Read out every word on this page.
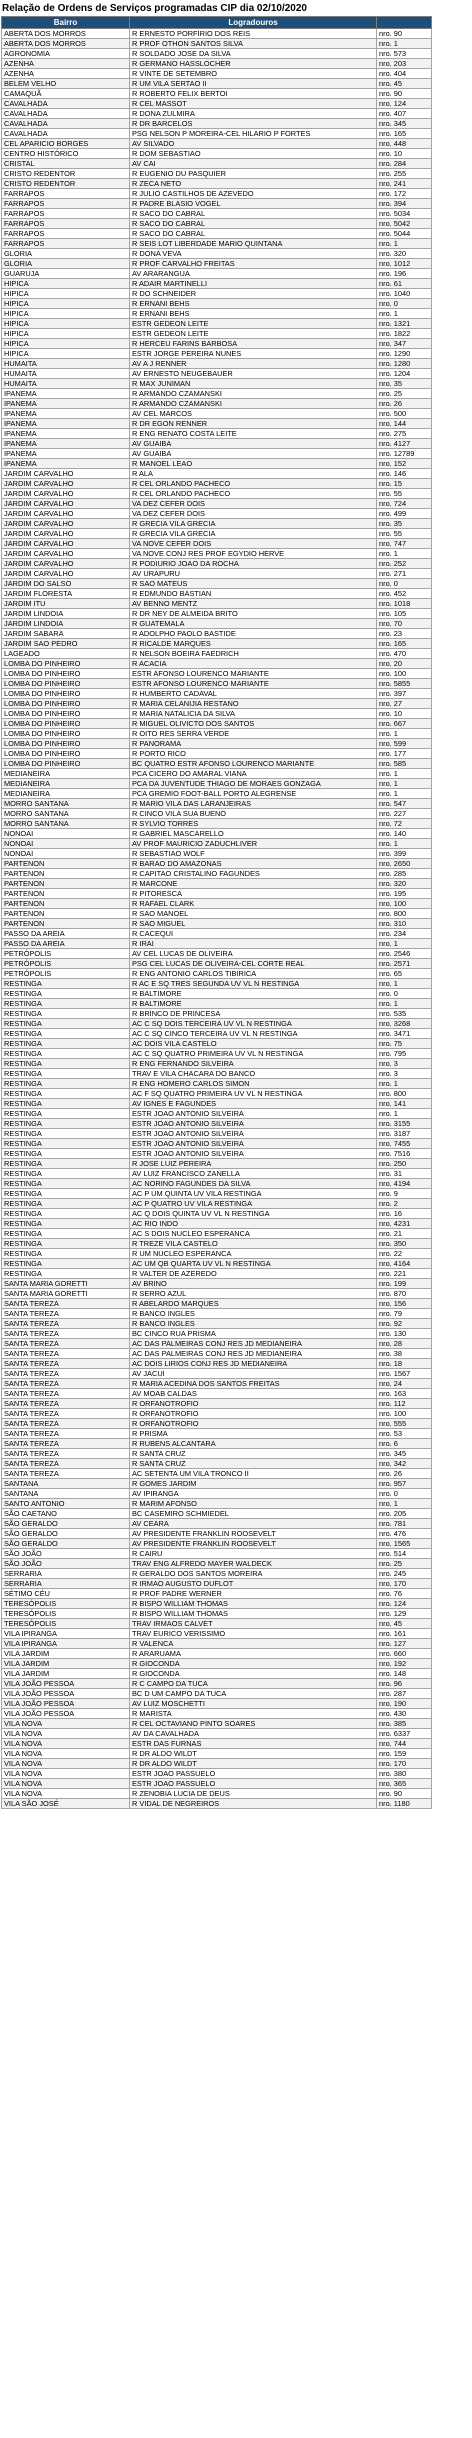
Relação de Ordens de Serviços programadas CIP dia 02/10/2020
Bairro	Logradouros	
ABERTA DOS MORROS	R ERNESTO PORFIRIO DOS REIS	nro. 90
ABERTA DOS MORROS	R PROF OTHON SANTOS SILVA	nro. 1
AGRONOMIA	R SOLDADO JOSE DA SILVA	nro. 573
AZENHA	R GERMANO HASSLOCHER	nro. 203
AZENHA	R VINTE DE SETEMBRO	nro. 404
BELEM VELHO	R UM VILA SERTAO II	nro. 45
CAMAQUÃ	R ROBERTO FELIX BERTOI	nro. 90
CAVALHADA	R CEL MASSOT	nro. 124
CAVALHADA	R DONA ZULMIRA	nro. 407
CAVALHADA	R DR BARCELOS	nro. 345
CAVALHADA	PSG NELSON P MOREIRA-CEL HILARIO P FORTES	nro. 165
CEL APARICIO BORGES	AV SILVADO	nro. 448
CENTRO HISTÓRICO	R DOM SEBASTIAO	nro. 10
CRISTAL	AV CAI	nro. 284
CRISTO REDENTOR	R EUGENIO DU PASQUIER	nro. 255
CRISTO REDENTOR	R ZECA NETO	nro. 241
FARRAPOS	R JULIO CASTILHOS DE AZEVEDO	nro. 172
FARRAPOS	R PADRE BLASIO VOGEL	nro. 394
FARRAPOS	R SACO DO CABRAL	nro. 5034
FARRAPOS	R SACO DO CABRAL	nro. 5042
FARRAPOS	R SACO DO CABRAL	nro. 5044
FARRAPOS	R SEIS LOT LIBERDADE MARIO QUINTANA	nro. 1
GLORIA	R DONA VEVA	nro. 320
GLORIA	R PROF CARVALHO FREITAS	nro. 1012
GUARUJA	AV ARARANGUA	nro. 196
HIPICA	R ADAIR MARTINELLI	nro. 61
HIPICA	R DO SCHNEIDER	nro. 1040
HIPICA	R ERNANI BEHS	nro. 0
HIPICA	R ERNANI BEHS	nro. 1
HIPICA	ESTR GEDEON LEITE	nro. 1321
HIPICA	ESTR GEDEON LEITE	nro. 1822
HIPICA	R HERCEU FARINS BARBOSA	nro. 347
HIPICA	ESTR JORGE PEREIRA NUNES	nro. 1290
HUMAITA	AV A J RENNER	nro. 1280
HUMAITA	AV ERNESTO NEUGEBAUER	nro. 1204
HUMAITA	R MAX JUNIMAN	nro. 35
IPANEMA	R ARMANDO CZAMANSKI	nro. 25
IPANEMA	R ARMANDO CZAMANSKI	nro. 26
IPANEMA	AV CEL MARCOS	nro. 500
IPANEMA	R DR EGON RENNER	nro. 144
IPANEMA	R ENG RENATO COSTA LEITE	nro. 275
IPANEMA	AV GUAIBA	nro. 4127
IPANEMA	AV GUAIBA	nro. 12789
IPANEMA	R MANOEL LEAO	nro. 152
JARDIM CARVALHO	R ALA	nro. 146
JARDIM CARVALHO	R CEL ORLANDO PACHECO	nro. 15
JARDIM CARVALHO	R CEL ORLANDO PACHECO	nro. 55
JARDIM CARVALHO	VA DEZ CEFER DOIS	nro. 724
JARDIM CARVALHO	VA DEZ CEFER DOIS	nro. 499
JARDIM CARVALHO	R GRECIA VILA GRECIA	nro. 35
JARDIM CARVALHO	R GRECIA VILA GRECIA	nro. 55
JARDIM CARVALHO	VA NOVE CEFER DOIS	nro. 747
JARDIM CARVALHO	VA NOVE CONJ RES PROF EGYDIO HERVE	nro. 1
JARDIM CARVALHO	R PODIURIO JOAO DA ROCHA	nro. 252
JARDIM CARVALHO	AV URAPURU	nro. 271
JARDIM DO SALSO	R SAO MATEUS	nro. 0
JARDIM FLORESTA	R EDMUNDO BASTIAN	nro. 452
JARDIM ITU	AV BENNO MENTZ	nro. 1018
JARDIM LINDOIA	R DR NEY DE ALMEIDA BRITO	nro. 105
JARDIM LINDOIA	R GUATEMALA	nro. 70
JARDIM SABARA	R ADOLPHO PAOLO BASTIDE	nro. 23
JARDIM SAO PEDRO	R RICALDE MARQUES	nro. 165
LAGEADO	R NELSON BOEIRA FAEDRICH	nro. 470
LOMBA DO PINHEIRO	R ACACIA	nro. 20
LOMBA DO PINHEIRO	ESTR AFONSO LOURENCO MARIANTE	nro. 100
LOMBA DO PINHEIRO	ESTR AFONSO LOURENCO MARIANTE	nro. 5855
LOMBA DO PINHEIRO	R HUMBERTO CADAVAL	nro. 397
LOMBA DO PINHEIRO	R MARIA CELANIJIA RESTANO	nro. 27
LOMBA DO PINHEIRO	R MARIA NATALICIA DA SILVA	nro. 10
LOMBA DO PINHEIRO	R MIGUEL OLIVICTO DOS SANTOS	nro. 667
LOMBA DO PINHEIRO	R OITO RES SERRA VERDE	nro. 1
LOMBA DO PINHEIRO	R PANORAMA	nro. 599
LOMBA DO PINHEIRO	R PORTO RICO	nro. 177
LOMBA DO PINHEIRO	BC QUATRO ESTR AFONSO LOURENCO MARIANTE	nro. 585
MEDIANEIRA	PCA CICERO DO AMARAL VIANA	nro. 1
MEDIANEIRA	PCA DA JUVENTUDE THIAGO DE MORAES GONZAGA	nro. 1
MEDIANEIRA	PCA GREMIO FOOT-BALL PORTO ALEGRENSE	nro. 1
MORRO SANTANA	R MARIO VILA DAS LARANJEIRAS	nro. 547
MORRO SANTANA	R CINCO VILA SUA BUENO	nro. 227
MORRO SANTANA	R SYLVIO TORRES	nro. 72
NONOAI	R GABRIEL MASCARELLO	nro. 140
NONOAI	AV PROF MAURICIO ZADUCHLIVER	nro. 1
NONOAI	R SEBASTIAO WOLF	nro. 399
PARTENON	R BARAO DO AMAZONAS	nro. 2650
PARTENON	R CAPITAO CRISTALINO FAGUNDES	nro. 285
PARTENON	R MARCONE	nro. 320
PARTENON	R PITORESCA	nro. 195
PARTENON	R RAFAEL CLARK	nro. 100
PARTENON	R SAO MANOEL	nro. 800
PARTENON	R SAO MIGUEL	nro. 310
PASSO DA AREIA	R CACEQUI	nro. 234
PASSO DA AREIA	R IRAI	nro. 1
PETRÓPOLIS	AV CEL LUCAS DE OLIVEIRA	nro. 2546
PETRÓPOLIS	PSG CEL LUCAS DE OLIVEIRA-CEL CORTE REAL	nro. 2571
PETRÓPOLIS	R ENG ANTONIO CARLOS TIBIRICA	nro. 65
RESTINGA	R AC E SQ TRES SEGUNDA UV VL N RESTINGA	nro. 1
RESTINGA	R BALTIMORE	nro. 0
RESTINGA	R BALTIMORE	nro. 1
RESTINGA	R BRINCO DE PRINCESA	nro. 535
RESTINGA	AC C SQ DOIS TERCEIRA UV VL N RESTINGA	nro. 3268
RESTINGA	AC C SQ CINCO TERCEIRA UV VL N RESTINGA	nro. 3471
RESTINGA	AC DOIS VILA CASTELO	nro. 75
RESTINGA	AC C SQ QUATRO PRIMEIRA UV VL N RESTINGA	nro. 795
RESTINGA	R ENG FERNANDO SILVEIRA	nro. 3
RESTINGA	TRAV E VILA CHACARA DO BANCO	nro. 3
RESTINGA	R ENG HOMERO CARLOS SIMON	nro. 1
RESTINGA	AC F SQ QUATRO PRIMEIRA UV VL N RESTINGA	nro. 800
RESTINGA	AV IGNES E FAGUNDES	nro. 141
RESTINGA	ESTR JOAO ANTONIO SILVEIRA	nro. 1
RESTINGA	ESTR JOAO ANTONIO SILVEIRA	nro. 3155
RESTINGA	ESTR JOAO ANTONIO SILVEIRA	nro. 3187
RESTINGA	ESTR JOAO ANTONIO SILVEIRA	nro. 7455
RESTINGA	ESTR JOAO ANTONIO SILVEIRA	nro. 7516
RESTINGA	R JOSE LUIZ PEREIRA	nro. 250
RESTINGA	AV LUIZ FRANCISCO ZANELLA	nro. 31
RESTINGA	AC NORINO FAGUNDES DA SILVA	nro. 4194
RESTINGA	AC P UM QUINTA UV VILA RESTINGA	nro. 9
RESTINGA	AC P QUATRO UV VILA RESTINGA	nro. 2
RESTINGA	AC Q DOIS QUINTA UV VL N RESTINGA	nro. 16
RESTINGA	AC RIO INDO	nro. 4231
RESTINGA	AC S DOIS NUCLEO ESPERANCA	nro. 21
RESTINGA	R TREZE VILA CASTELO	nro. 350
RESTINGA	R UM NUCLEO ESPERANCA	nro. 22
RESTINGA	AC UM QB QUARTA UV VL N RESTINGA	nro. 4164
RESTINGA	R VALTER DE AZEREDO	nro. 221
SANTA MARIA GORETTI	AV BRINO	nro. 199
SANTA MARIA GORETTI	R SERRO AZUL	nro. 870
SANTA TEREZA	R ABELARDO MARQUES	nro. 156
SANTA TEREZA	R BANCO INGLES	nro. 79
SANTA TEREZA	R BANCO INGLES	nro. 92
SANTA TEREZA	BC CINCO RUA PRISMA	nro. 130
SANTA TEREZA	AC DAS PALMEIRAS CONJ RES JD MEDIANEIRA	nro. 28
SANTA TEREZA	AC DAS PALMEIRAS CONJ RES JD MEDIANEIRA	nro. 38
SANTA TEREZA	AC DOIS LIRIOS CONJ RES JD MEDIANEIRA	nro. 18
SANTA TEREZA	AV JACUI	nro. 1567
SANTA TEREZA	R MARIA ACEDINA DOS SANTOS FREITAS	nro. 24
SANTA TEREZA	AV MOAB CALDAS	nro. 163
SANTA TEREZA	R ORFANOTROFIO	nro. 112
SANTA TEREZA	R ORFANOTROFIO	nro. 100
SANTA TEREZA	R ORFANOTROFIO	nro. 555
SANTA TEREZA	R PRISMA	nro. 53
SANTA TEREZA	R RUBENS ALCANTARA	nro. 6
SANTA TEREZA	R SANTA CRUZ	nro. 345
SANTA TEREZA	R SANTA CRUZ	nro. 342
SANTA TEREZA	AC SETENTA UM VILA TRONCO II	nro. 26
SANTANA	R GOMES JARDIM	nro. 957
SANTANA	AV IPIRANGA	nro. 0
SANTO ANTONIO	R MARIM AFONSO	nro. 1
SÃO CAETANO	BC CASEMIRO SCHMIEDEL	nro. 205
SÃO GERALDO	AV CEARA	nro. 781
SÃO GERALDO	AV PRESIDENTE FRANKLIN ROOSEVELT	nro. 476
SÃO GERALDO	AV PRESIDENTE FRANKLIN ROOSEVELT	nro. 1565
SÃO JOÃO	R CAIRU	nro. 514
SÃO JOÃO	TRAV ENG ALFREDO MAYER WALDECK	nro. 25
SERRARIA	R GERALDO DOS SANTOS MOREIRA	nro. 245
SERRARIA	R IRMAO AUGUSTO DUFLOT	nro. 170
SÉTIMO CÉU	R PROF PADRE WERNER	nro. 76
TERESÓPOLIS	R BISPO WILLIAM THOMAS	nro. 124
TERESÓPOLIS	R BISPO WILLIAM THOMAS	nro. 129
TERESÓPOLIS	TRAV IRMAOS CALVET	nro. 45
VILA IPIRANGA	TRAV EURICO VERISSIMO	nro. 161
VILA IPIRANGA	R VALENCA	nro. 127
VILA JARDIM	R ARARUAMA	nro. 660
VILA JARDIM	R GIOCONDA	nro. 192
VILA JARDIM	R GIOCONDA	nro. 148
VILA JOÃO PESSOA	R C CAMPO DA TUCA	nro. 96
VILA JOÃO PESSOA	BC D UM CAMPO DA TUCA	nro. 287
VILA JOÃO PESSOA	AV LUIZ MOSCHETTI	nro. 190
VILA JOÃO PESSOA	R MARISTA	nro. 430
VILA NOVA	R CEL OCTAVIANO PINTO SOARES	nro. 385
VILA NOVA	AV DA CAVALHADA	nro. 6337
VILA NOVA	ESTR DAS FURNAS	nro. 744
VILA NOVA	R DR ALDO WILDT	nro. 159
VILA NOVA	R DR ALDO WILDT	nro. 170
VILA NOVA	ESTR JOAO PASSUELO	nro. 380
VILA NOVA	ESTR JOAO PASSUELO	nro. 365
VILA NOVA	R ZENOBIA LUCIA DE DEUS	nro. 90
VILA SÃO JOSÉ	R VIDAL DE NEGREIROS	nro. 1180
